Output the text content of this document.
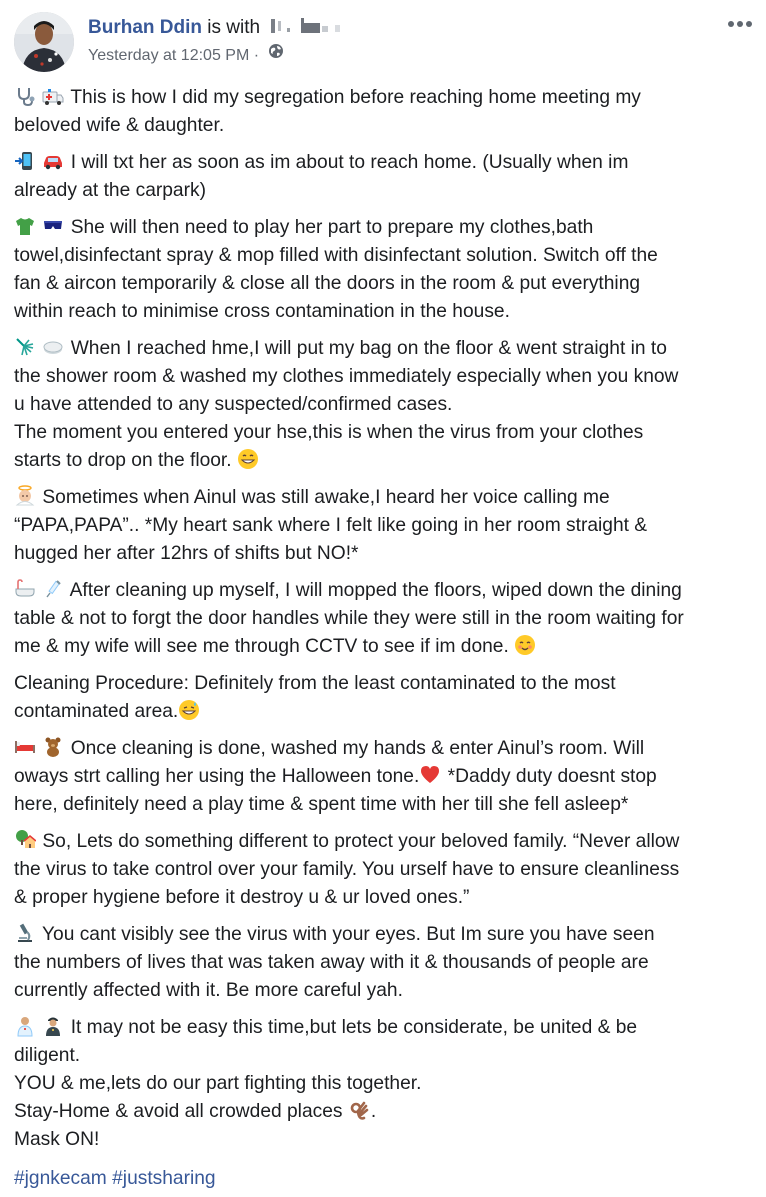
Burhan Ddin is with
Yesterday at 12:05 PM ·

This is how I did my segregation before reaching home meeting my
beloved wife & daughter.

I will txt her as soon as im about to reach home. (Usually when im
already at the carpark)

She will then need to play her part to prepare my clothes,bath
towel,disinfectant spray & mop filled with disinfectant solution. Switch off the
fan & aircon temporarily & close all the doors in the room & put everything
within reach to minimise cross contamination in the house.

When I reached hme,I will put my bag on the floor & went straight in to
the shower room & washed my clothes immediately especially when you know
u have attended to any suspected/confirmed cases.
The moment you entered your hse,this is when the virus from your clothes
starts to drop on the floor.
Sometimes when Ainul was still awake,I heard her voice calling me
“PAPA,PAPA”.. *My heart sank where I felt like going in her room straight &
hugged her after 12hrs of shifts but NO!*

After cleaning up myself, I will mopped the floors, wiped down the dining
table & not to forgt the door handles while they were still in the room waiting for
me & my wife will see me through CCTV to see if im done.
Cleaning Procedure: Definitely from the least contaminated to the most
contaminated area.

Once cleaning is done, washed my hands & enter Ainul’s room. Will
oways strt calling her using the Halloween tone. *Daddy duty doesnt stop
here, definitely need a play time & spent time with her till she fell asleep*
So, Lets do something different to protect your beloved family. “Never allow
the virus to take control over your family. You urself have to ensure cleanliness
& proper hygiene before it destroy u & ur loved ones.”
You cant visibly see the virus with your eyes. But Im sure you have seen
the numbers of lives that was taken away with it & thousands of people are
currently affected with it. Be more careful yah.

It may not be easy this time,but lets be considerate, be united & be
diligent.
YOU & me,lets do our part fighting this together.
Stay-Home & avoid all crowded places .
Mask ON!
#jgnkecam #justsharing
